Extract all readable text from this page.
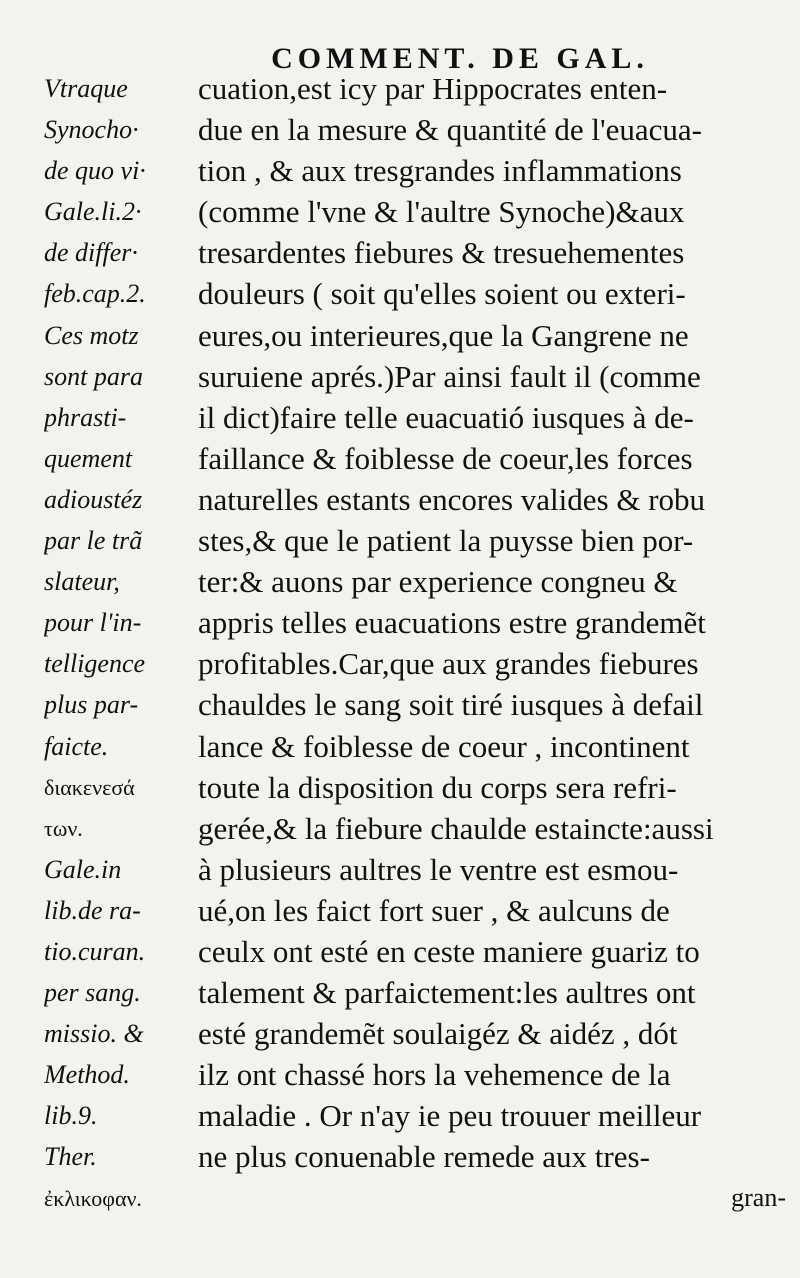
COMMENT. DE GAL.
Vtraque
Synocho·
de quo vi·
Gale.li.2·
de differ·
feb.cap.2.
Ces motz
sont para
phrasti-
quement
adioustéz
par le trã
slateur,
pour l'in-
telligence
plus par-
faicte.
διακενεσά
των.
Gale.in
lib.de ra-
tio.curan.
per sang.
missio. &
Method.
lib.9.
Ther.
ἐκλικοφαν.
cuation,est icy par Hippocrates enten-
due en la mesure & quantité de l'euacua-
tion , & aux tresgrandes inflammations
(comme l'vne & l'aultre Synoche)&aux
tresardentes fiebures & tresuehementes
douleurs ( soit qu'elles soient ou exteri-
eures,ou interieures,que la Gangrene ne
suruiene aprés.)Par ainsi fault il (comme
il dict)faire telle euacuatió iusques à de-
faillance & foiblesse de coeur,les forces
naturelles estants encores valides & robu
stes,& que le patient la puysse bien por-
ter:& auons par experience congneu &
appris telles euacuations estre grandemẽt
profitables.Car,que aux grandes fiebures
chauldes le sang soit tiré iusques à defail
lance & foiblesse de coeur , incontinent
toute la disposition du corps sera refri-
gerée,& la fiebure chaulde estaincte:aussi
à plusieurs aultres le ventre est esmou-
ué,on les faict fort suer , & aulcuns de
ceulx ont esté en ceste maniere guariz to
talement & parfaictement:les aultres ont
esté grandemẽt soulaigéz & aidéz , dót
ilz ont chassé hors la vehemence de la
maladie . Or n'ay ie peu trouuer meilleur
ne plus conuenable remede aux tres-
gran-
